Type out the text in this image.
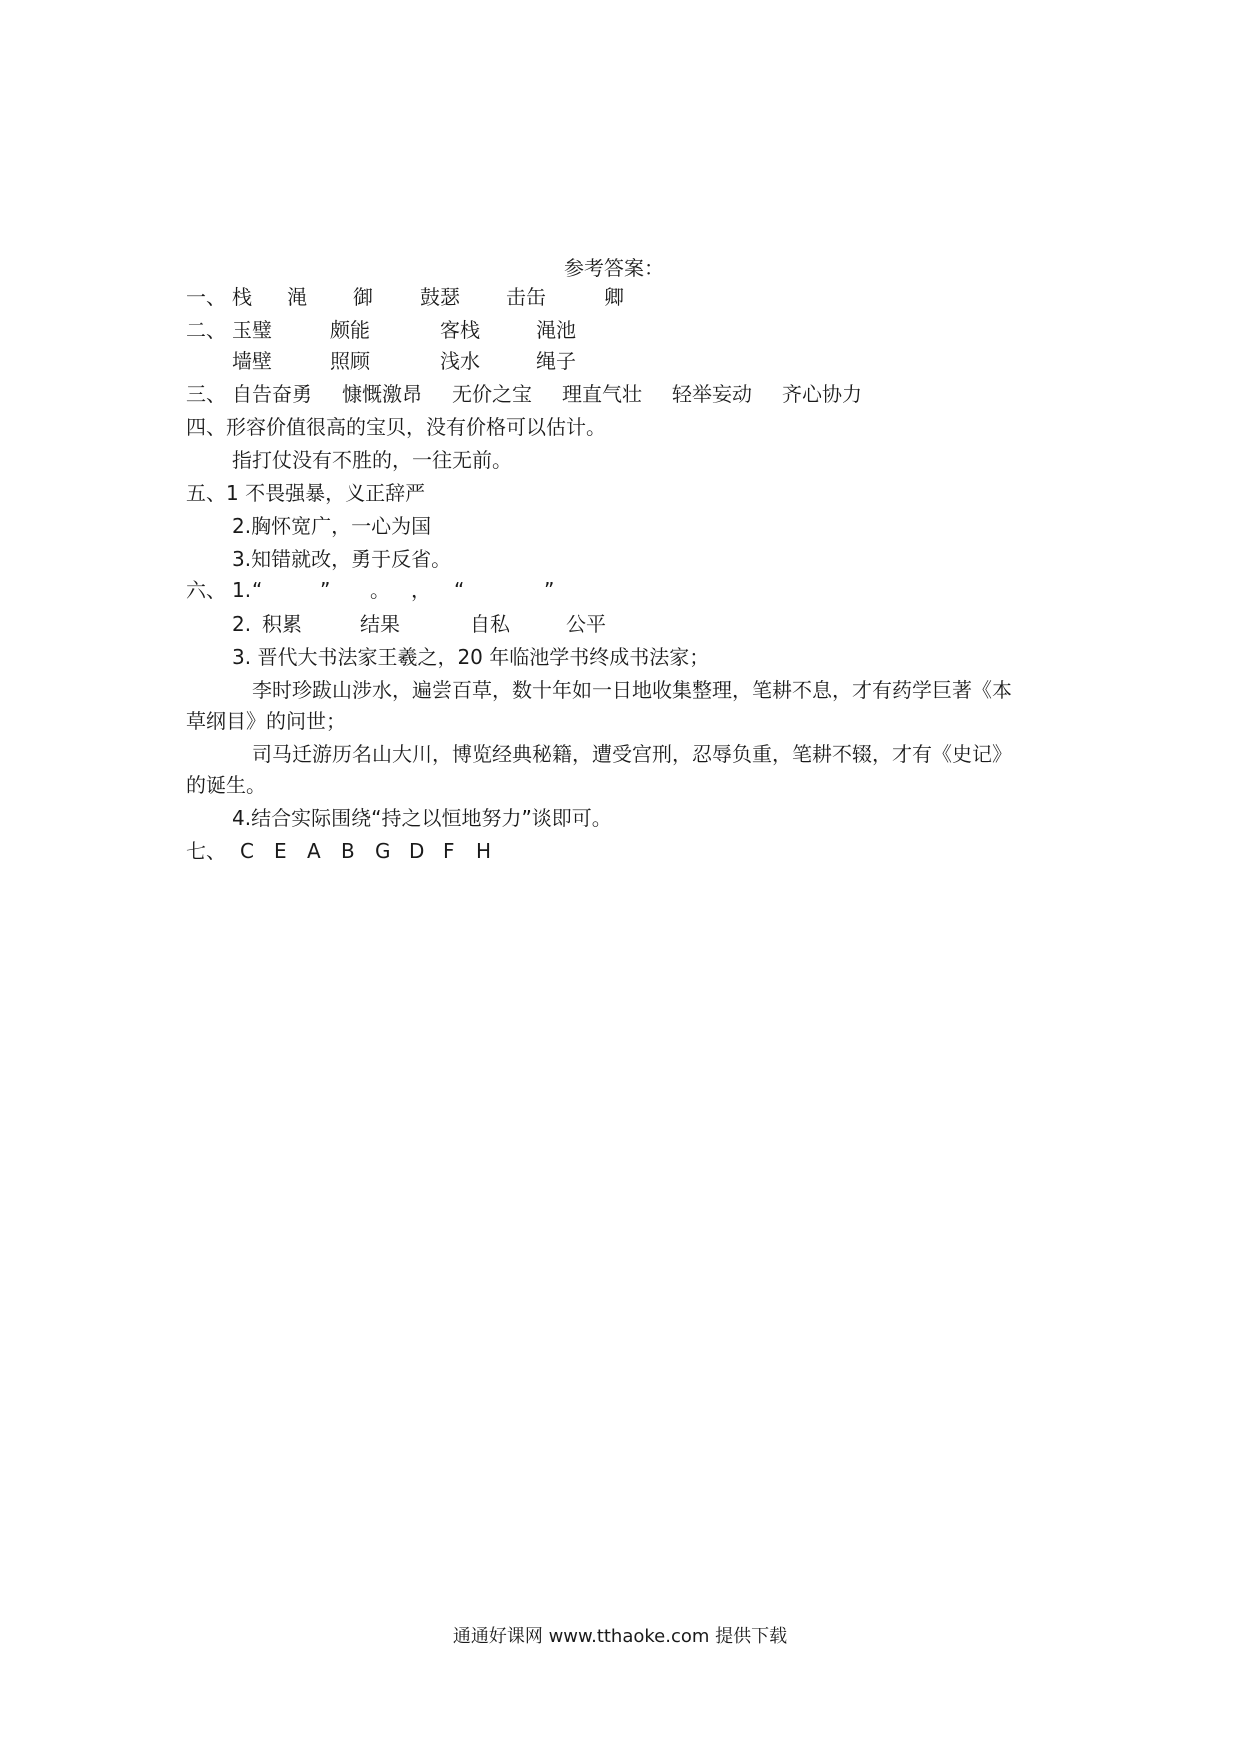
参考答案：
一、 栈 渑 御 鼓瑟 击缶	卿
二、 玉璧	颇能	客栈	渑池
墙壁	照顾	浅水	绳子
三、 自告奋勇 慷慨激昂 无价之宝 理直气壮 轻举妄动 齐心协力
四、形容价值很高的宝贝，没有价格可以估计。
指打仗没有不胜的，一往无前。
五、1 不畏强暴，义正辞严
2.胸怀宽广，一心为国
3.知错就改，勇于反省。
六、 1. “	” 。 ， “	”
2. 积累	结果	自私	公平
3. 晋代大书法家王羲之，20 年临池学书终成书法家；
李时珍跋山涉水，遍尝百草，数十年如一日地收集整理，笔耕不息，才有药学巨著《本
草纲目》的问世；
司马迁游历名山大川，博览经典秘籍，遭受宫刑，忍辱负重，笔耕不辍，才有《史记》
的诞生。
4.结合实际围绕“持之以恒地努力”谈即可。
七、 C E A B G D F H
通通好课网 www.tthaoke.com 提供下载
